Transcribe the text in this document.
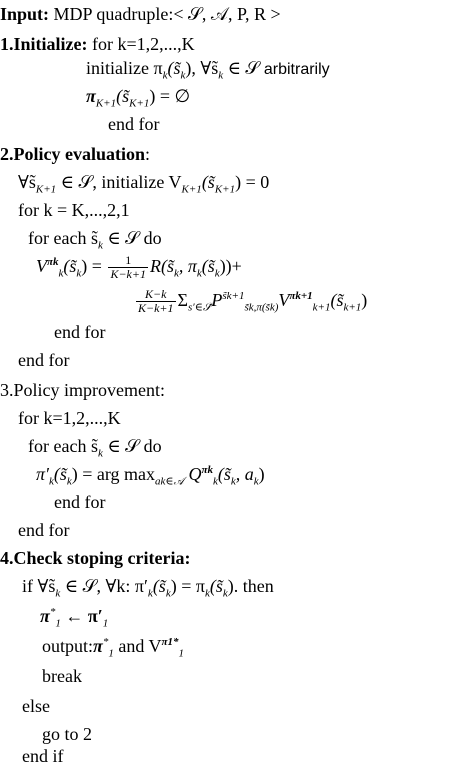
Input: MDP quadruple:< 𝒮, 𝒜, P, R >
1.Initialize: for k=1,2,...,K
initialize $\pi_k(s̃_k)$, $\forall s̃_k$ ∈ 𝒮 arbitrarily
$\pi_{K+1}(s̃_{K+1})$ = ∅
end for
2.Policy evaluation:
$\forall s̃_{K+1}$ ∈ 𝒮, initialize $V_{K+1}(s̃_{K+1}) = 0$
for k = K,...,2,1
for each $s̃_k$ ∈ 𝒮 do
$V^{\pi k}_k(s̃_k) = \frac{1}{K-k+1}$ $R(s̃_k$, $\pi_k(s̃_k))+$
$\frac{K-k}{K-k+1}$ $\Sigma_{s'\in 𝒮̃}P^{s̃k+1}_{s̃k,\pi(s̃k)}V^{\pi k+1}_{k+1}(s̃_{k+1})$
end for
end for
3.Policy improvement:
for k=1,2,...,K
for each $s̃_k$ ∈ 𝒮 do
$\pi'_k(s̃_k)$ = arg $\max_{ak\in 𝒜}$ $Q^{\pi k}_k(s̃_k$, $a_k$)
end for
end for
4.Check stoping criteria:
if $\forall s̃_k$ ∈ 𝒮, ∀k: $\pi'_k(s̃_k)$ = $\pi_k(s̃_k)$. then
$\pi^*_1$ ← $\pi'_1$
$output:\pi^*_1$ and $V^{\pi 1*}_1$
break
else
go to 2
end if
